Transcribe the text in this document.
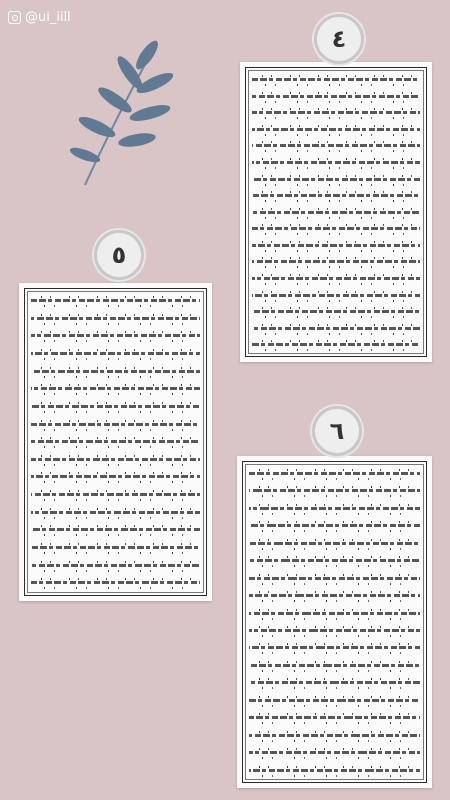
@ui_iill
٤
٥
٦
